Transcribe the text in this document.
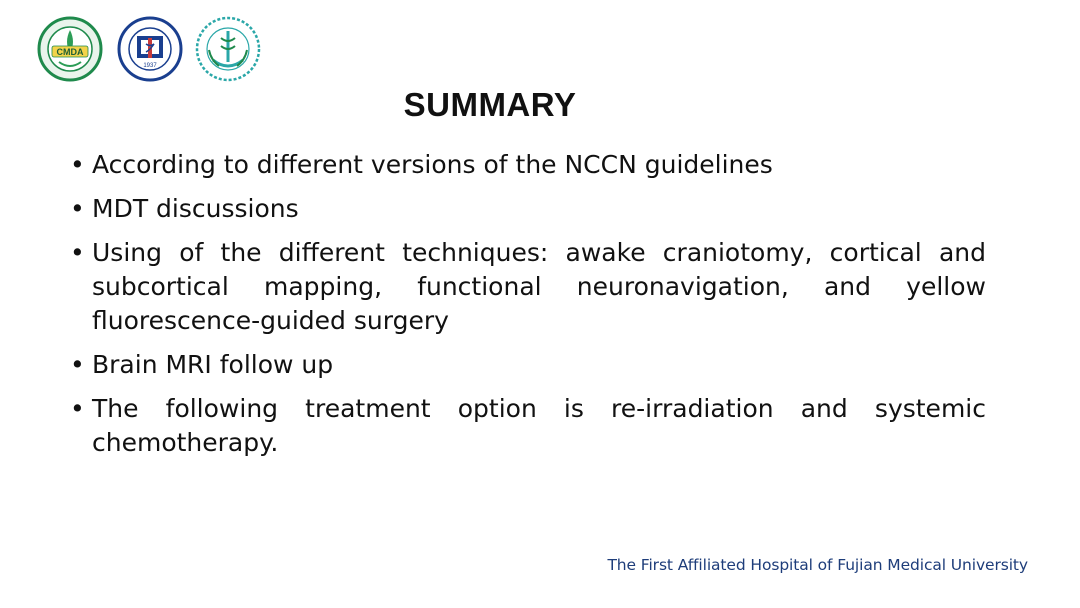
CMDA
1937
SUMMARY
• According to different versions of the NCCN guidelines
• MDT discussions
• Using of the different techniques: awake craniotomy, cortical and subcortical mapping, functional neuronavigation, and yellow fluorescence-guided surgery
• Brain MRI follow up
• The following treatment option is re-irradiation and systemic chemotherapy.
The First Affiliated Hospital of Fujian Medical University
